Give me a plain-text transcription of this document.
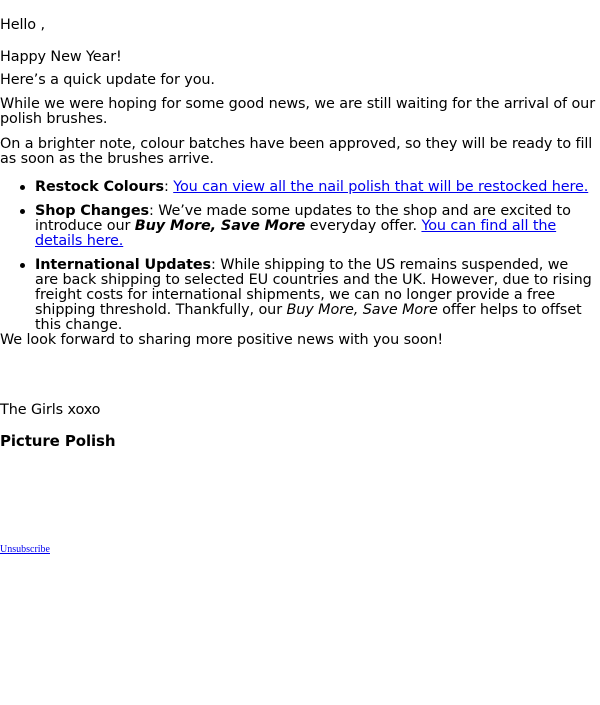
Hello ,

Happy New Year!

Here’s a quick update for you.

While we were hoping for some good news, we are still waiting for the arrival of our polish brushes.

On a brighter note, colour batches have been approved, so they will be ready to fill as soon as the brushes arrive.

Restock Colours: You can view all the nail polish that will be restocked here.
Shop Changes: We’ve made some updates to the shop and are excited to introduce our Buy More, Save More everyday offer. You can find all the details here.
International Updates: While shipping to the US remains suspended, we are back shipping to selected EU countries and the UK. However, due to rising freight costs for international shipments, we can no longer provide a free shipping threshold. Thankfully, our Buy More, Save More offer helps to offset this change.

We look forward to sharing more positive news with you soon!

The Girls xoxo

Picture Polish

Unsubscribe
